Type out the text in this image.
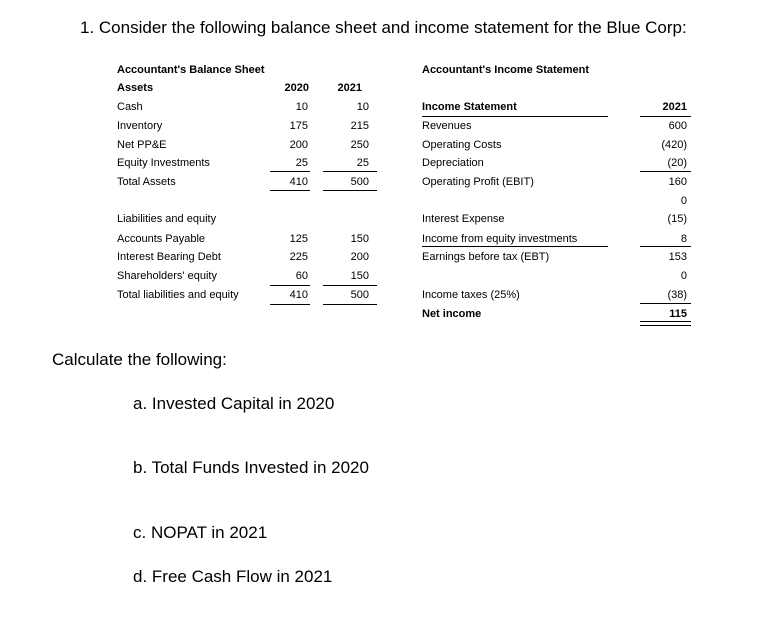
1. Consider the following balance sheet and income statement for the Blue Corp:
Accountant's Balance Sheet
Assets	2020	2021
Cash	10	10
Inventory	175	215
Net PP&E	200	250
Equity Investments	25	25
Total Assets	410	500
Liabilities and equity
Accounts Payable	125	150
Interest Bearing Debt	225	200
Shareholders' equity	60	150
Total liabilities and equity	410	500
Accountant's Income Statement
Income Statement	2021
Revenues	600
Operating Costs	(420)
Depreciation	(20)
Operating Profit (EBIT)	160
0
Interest Expense	(15)
Income from equity investments	8
Earnings before tax (EBT)	153
0
Income taxes (25%)	(38)
Net income	115
Calculate the following:
a. Invested Capital in 2020
b. Total Funds Invested in 2020
c. NOPAT in 2021
d. Free Cash Flow in 2021
